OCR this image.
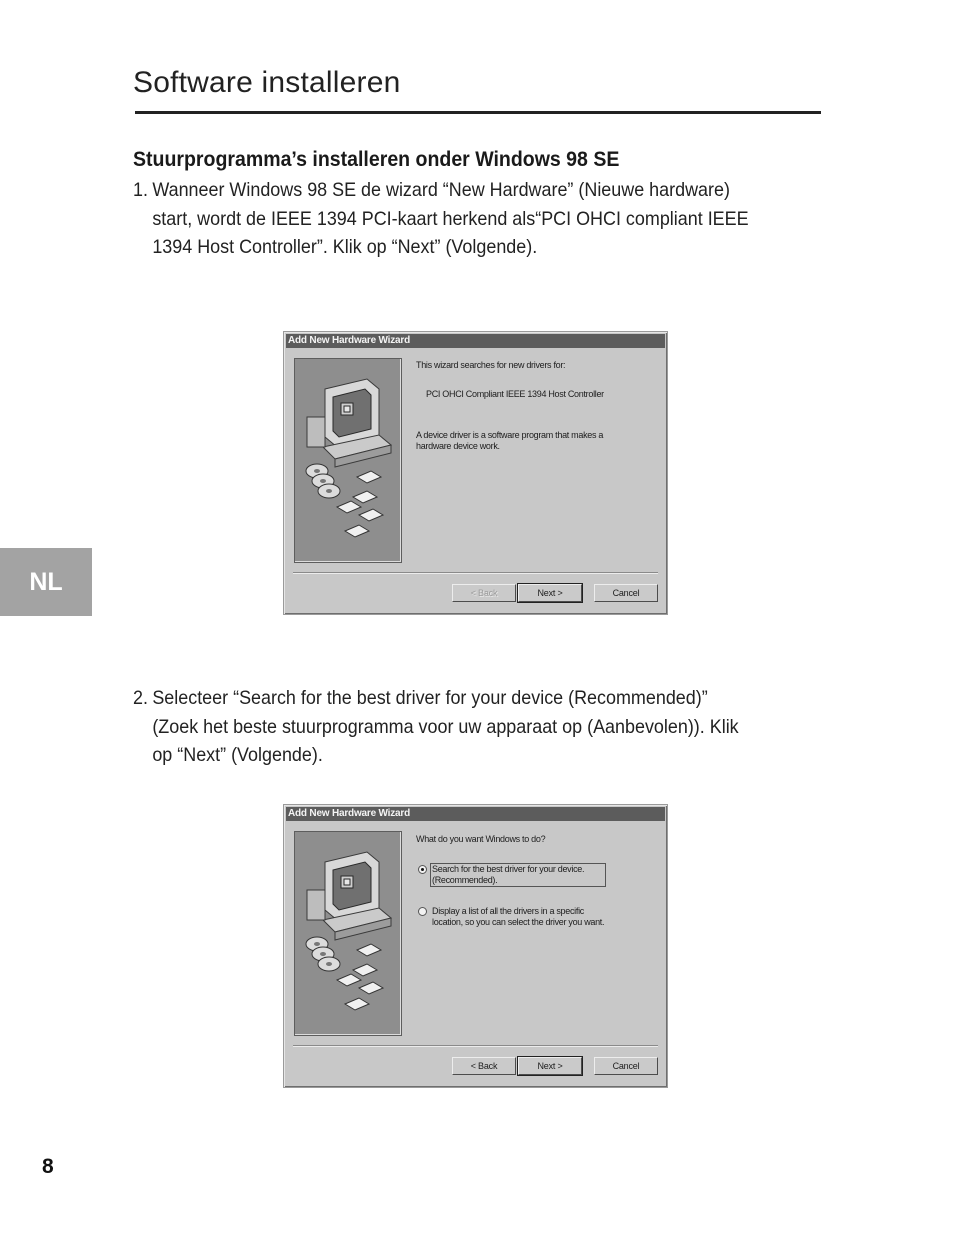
Software installeren
Stuurprogramma’s installeren onder Windows 98 SE
1. Wanneer Windows 98 SE de wizard “New Hardware” (Nieuwe hardware)
start, wordt de IEEE 1394 PCI-kaart herkend als“PCI OHCI compliant IEEE
1394 Host Controller”. Klik op “Next” (Volgende).
Add New Hardware Wizard
This wizard searches for new drivers for:
PCI OHCI Compliant IEEE 1394 Host Controller
A device driver is a software program that makes a
hardware device work.
< Back	Next >	Cancel
NL
2. Selecteer “Search for the best driver for your device (Recommended)”
(Zoek het beste stuurprogramma voor uw apparaat op (Aanbevolen)). Klik
op “Next” (Volgende).
Add New Hardware Wizard
What do you want Windows to do?
Search for the best driver for your device.
(Recommended).
Display a list of all the drivers in a specific
location, so you can select the driver you want.
< Back	Next >	Cancel
8
